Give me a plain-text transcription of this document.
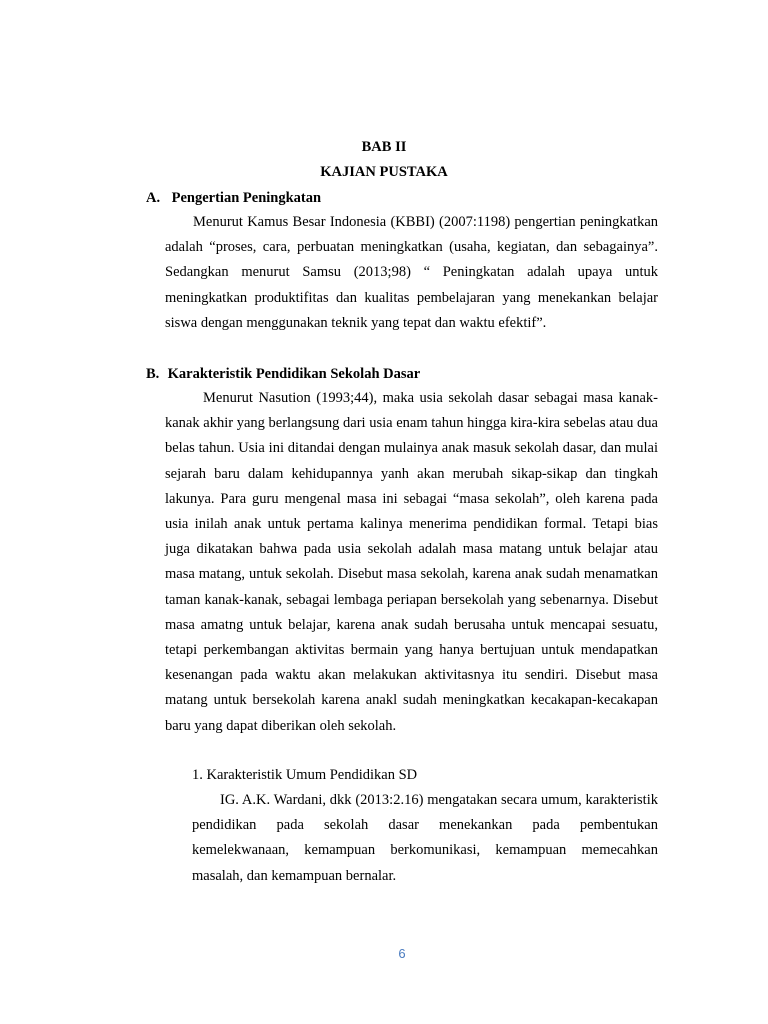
BAB II
KAJIAN PUSTAKA
A. Pengertian Peningkatan

Menurut Kamus Besar Indonesia (KBBI) (2007:1198) pengertian peningkatkan adalah “proses, cara, perbuatan meningkatkan (usaha, kegiatan, dan sebagainya”. Sedangkan menurut Samsu (2013;98) “ Peningkatan adalah upaya untuk meningkatkan produktifitas dan kualitas pembelajaran yang menekankan belajar siswa dengan menggunakan teknik yang tepat dan waktu efektif”.

B. Karakteristik Pendidikan Sekolah Dasar

Menurut Nasution (1993;44), maka usia sekolah dasar sebagai masa kanak-kanak akhir yang berlangsung dari usia enam tahun hingga kira-kira sebelas atau dua belas tahun. Usia ini ditandai dengan mulainya anak masuk sekolah dasar, dan mulai sejarah baru dalam kehidupannya yanh akan merubah sikap-sikap dan tingkah lakunya. Para guru mengenal masa ini sebagai “masa sekolah”, oleh karena pada usia inilah anak untuk pertama kalinya menerima pendidikan formal. Tetapi bias juga dikatakan bahwa pada usia sekolah adalah masa matang untuk belajar atau masa matang, untuk sekolah. Disebut masa sekolah, karena anak sudah menamatkan taman kanak-kanak, sebagai lembaga periapan bersekolah yang sebenarnya. Disebut masa amatng untuk belajar, karena anak sudah berusaha untuk mencapai sesuatu, tetapi perkembangan aktivitas bermain yang hanya bertujuan untuk mendapatkan kesenangan pada waktu akan melakukan aktivitasnya itu sendiri. Disebut masa matang untuk bersekolah karena anakl sudah meningkatkan kecakapan-kecakapan baru yang dapat diberikan oleh sekolah.

1. Karakteristik Umum Pendidikan SD

IG. A.K. Wardani, dkk (2013:2.16) mengatakan secara umum, karakteristik pendidikan pada sekolah dasar menekankan pada pembentukan kemelekwanaan, kemampuan berkomunikasi, kemampuan memecahkan masalah, dan kemampuan bernalar.

6
